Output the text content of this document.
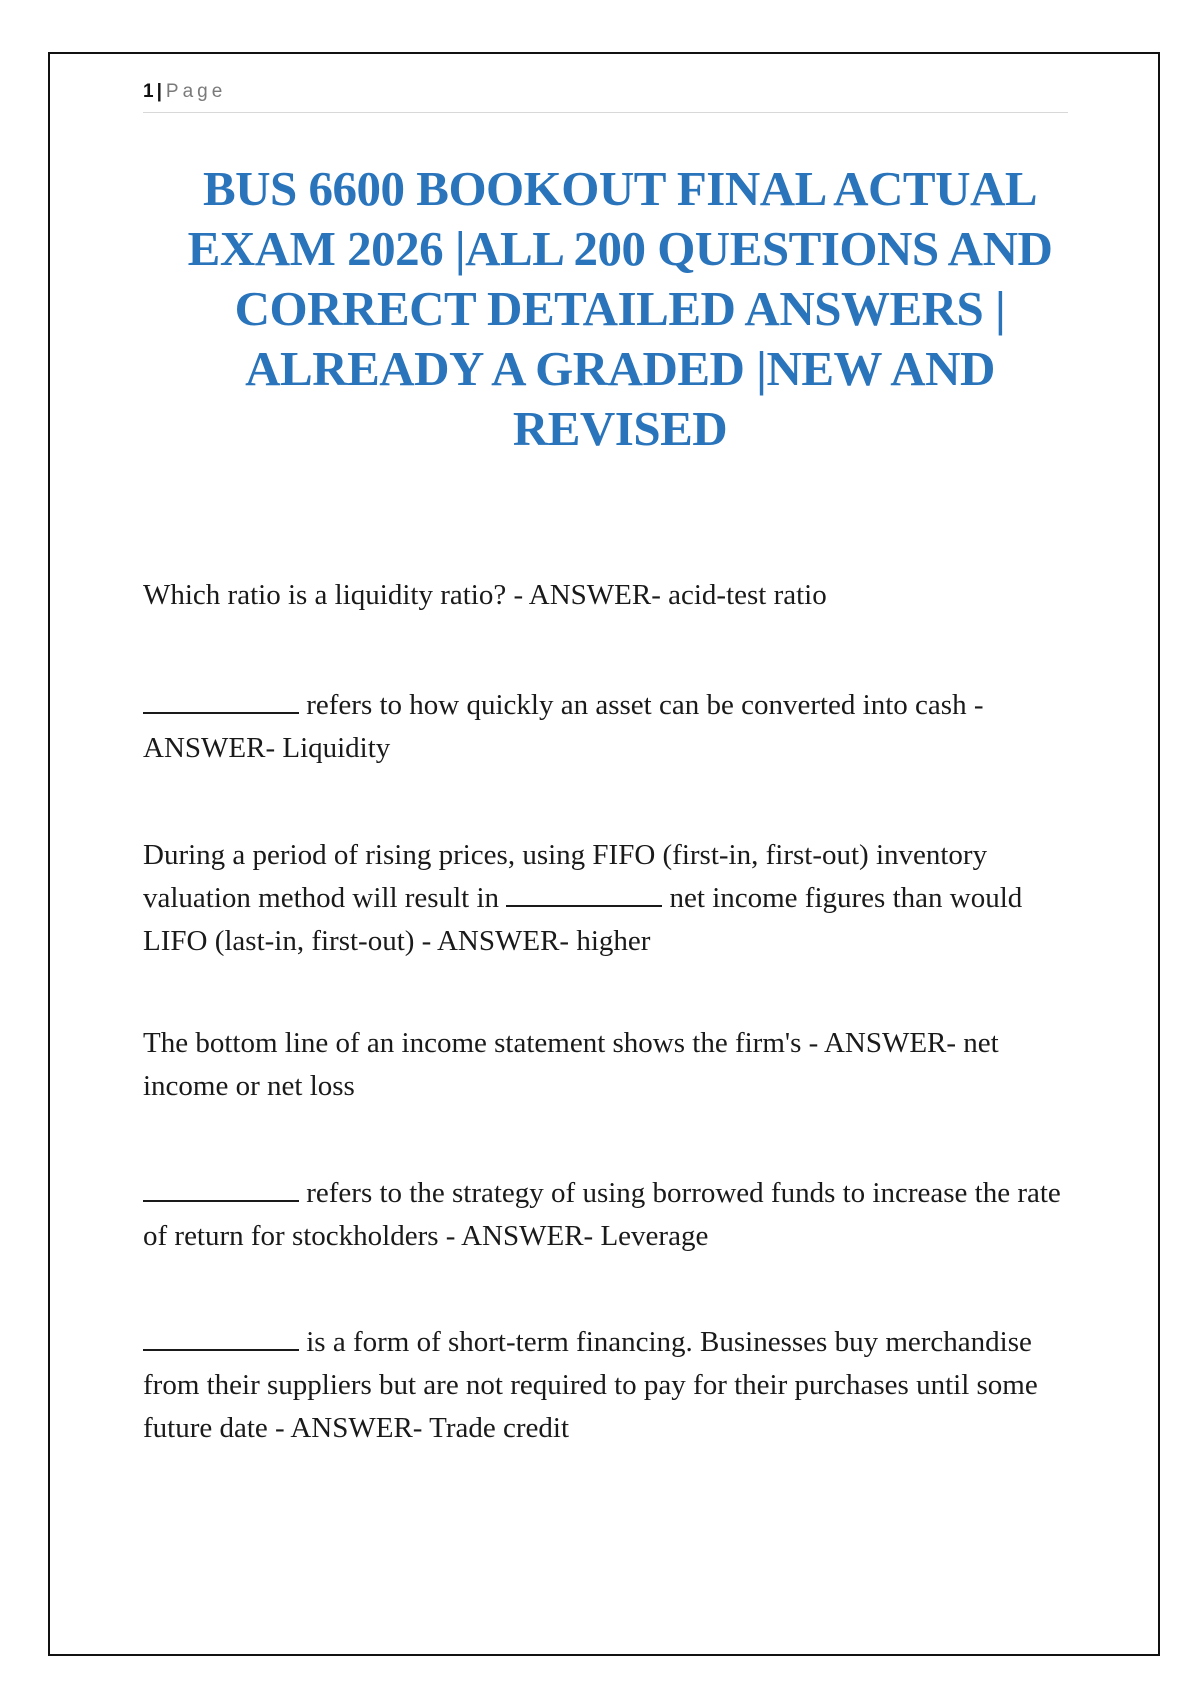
1 | Page
BUS 6600 BOOKOUT FINAL ACTUAL EXAM 2026 |ALL 200 QUESTIONS AND CORRECT DETAILED ANSWERS | ALREADY A GRADED |NEW AND REVISED

Which ratio is a liquidity ratio? - ANSWER- acid-test ratio

refers to how quickly an asset can be converted into cash - ANSWER- Liquidity

During a period of rising prices, using FIFO (first-in, first-out) inventory valuation method will result in	net income figures than would LIFO (last-in, first-out) - ANSWER- higher

The bottom line of an income statement shows the firm's - ANSWER- net income or net loss

refers to the strategy of using borrowed funds to increase the rate of return for stockholders - ANSWER- Leverage

is a form of short-term financing. Businesses buy merchandise from their suppliers but are not required to pay for their purchases until some future date - ANSWER- Trade credit
